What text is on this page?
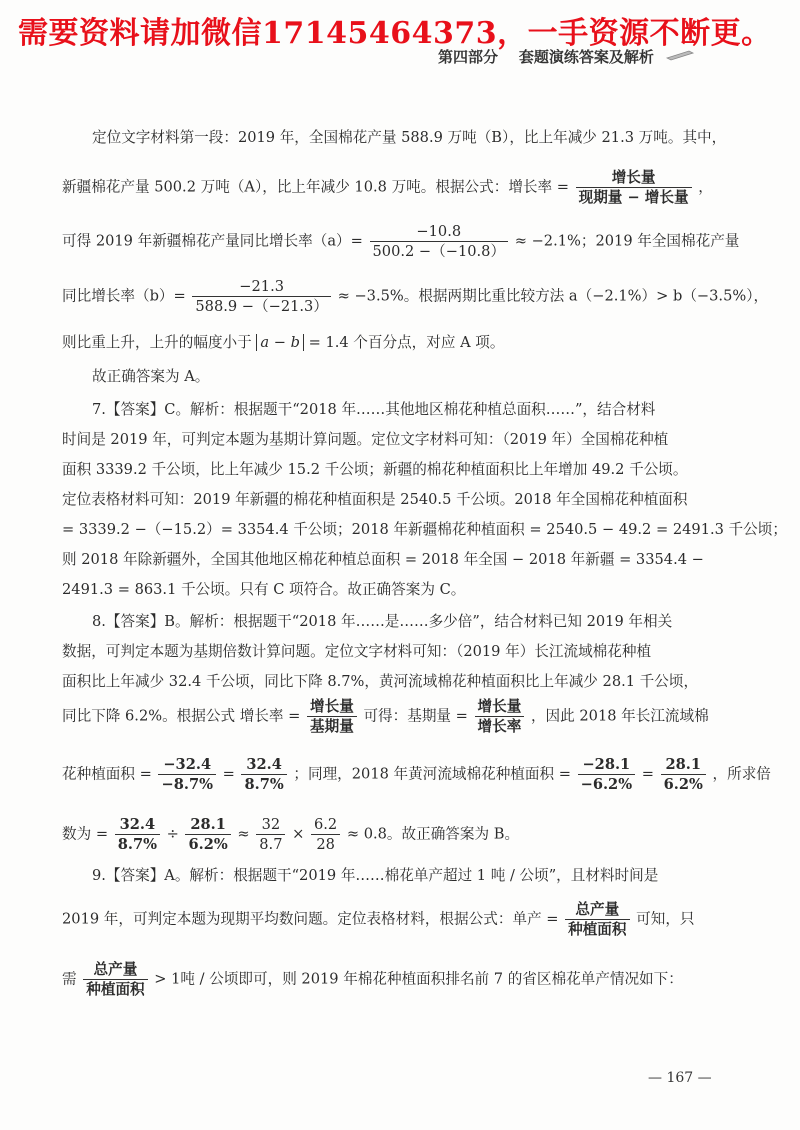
需要资料请加微信17145464373，一手资源不断更。
第四部分 套题演练答案及解析
定位文字材料第一段：2019 年，全国棉花产量 588.9 万吨（B），比上年减少 21.3 万吨。其中，
新疆棉花产量 500.2 万吨（A），比上年减少 10.8 万吨。根据公式：增长率 = $\frac{\text{增长量}}{\text{现期量 − 增长量}}$ ，
可得 2019 年新疆棉花产量同比增长率$(a)= \frac{-10.8}{500.2 -(-10.8)} \approx -2.1\%$；2019 年全国棉花产量
同比增长率$(b)= \frac{-21.3}{588.9 -(-21.3)} \approx -3.5\%$。根据两期比重比较方法 a（−2.1%）> b（−3.5%），
则比重上升，上升的幅度小于 a − b = 1.4 个百分点，对应 A 项。
故正确答案为 A。
7.【答案】C。解析：根据题干“2018 年……其他地区棉花种植总面积……”，结合材料
时间是 2019 年，可判定本题为基期计算问题。定位文字材料可知：（2019 年）全国棉花种植
面积 3339.2 千公顷，比上年减少 15.2 千公顷；新疆的棉花种植面积比上年增加 49.2 千公顷。
定位表格材料可知：2019 年新疆的棉花种植面积是 2540.5 千公顷。2018 年全国棉花种植面积
= 3339.2 −（−15.2）= 3354.4 千公顷；2018 年新疆棉花种植面积 = 2540.5 − 49.2 = 2491.3 千公顷；
则 2018 年除新疆外，全国其他地区棉花种植总面积 = 2018 年全国 − 2018 年新疆 = 3354.4 −
2491.3 = 863.1 千公顷。只有 C 项符合。故正确答案为 C。
8.【答案】B。解析：根据题干“2018 年……是……多少倍”，结合材料已知 2019 年相关
数据，可判定本题为基期倍数计算问题。定位文字材料可知：（2019 年）长江流域棉花种植
面积比上年减少 32.4 千公顷，同比下降 8.7%，黄河流域棉花种植面积比上年减少 28.1 千公顷，
同比下降 6.2%。根据公式 增长率 = $\frac{\text{增长量}}{\text{基期量}}$ 可得：基期量 = $\frac{\text{增长量}}{\text{增长率}}$ ，因此 2018 年长江流域棉
花种植面积 = $\frac{-32.4}{-8.7\%} = \frac{32.4}{8.7\%}$ ；同理，2018 年黄河流域棉花种植面积 = $\frac{-28.1}{-6.2\%} = \frac{28.1}{6.2\%}$ ，所求倍
数为 = $\frac{32.4}{8.7\%} \div \frac{28.1}{6.2\%} \approx \frac{32}{8.7} \times \frac{6.2}{28} \approx 0.8$。故正确答案为 B。
9.【答案】A。解析：根据题干“2019 年……棉花单产超过 1 吨 / 公顷”，且材料时间是
2019 年，可判定本题为现期平均数问题。定位表格材料，根据公式：单产 = $\frac{\text{总产量}}{\text{种植面积}}$ 可知，只
需 $\frac{\text{总产量}}{\text{种植面积}} > 1$吨 / 公顷即可，则 2019 年棉花种植面积排名前 7 的省区棉花单产情况如下：
— 167 —
